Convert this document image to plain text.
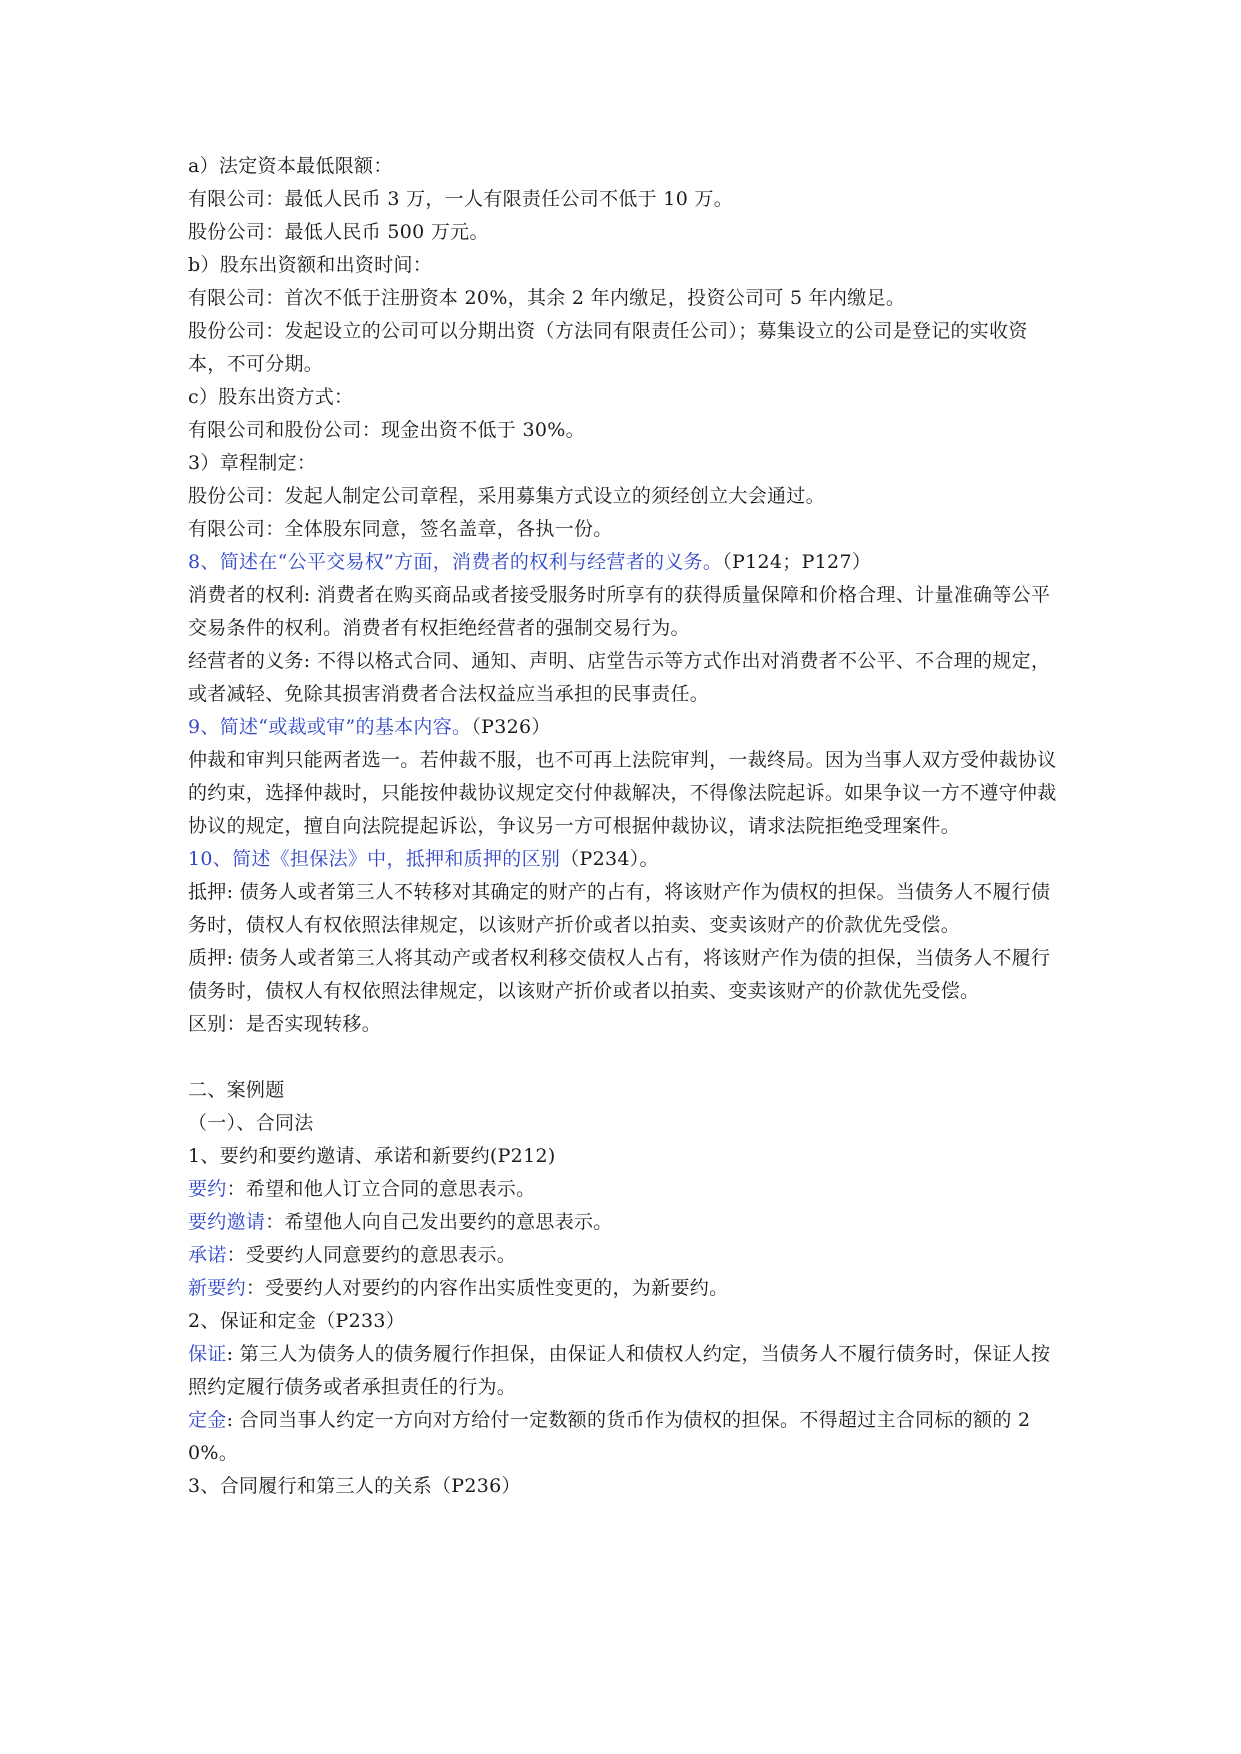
a）法定资本最低限额：

有限公司：最低人民币 3 万，一人有限责任公司不低于 10 万。

股份公司：最低人民币 500 万元。

b）股东出资额和出资时间：

有限公司：首次不低于注册资本 20%，其余 2 年内缴足，投资公司可 5 年内缴足。

股份公司：发起设立的公司可以分期出资（方法同有限责任公司）；募集设立的公司是登记的实收资本，不可分期。

c）股东出资方式：

有限公司和股份公司：现金出资不低于 30%。

3）章程制定：

股份公司：发起人制定公司章程，采用募集方式设立的须经创立大会通过。

有限公司：全体股东同意，签名盖章，各执一份。

8、简述在“公平交易权”方面，消费者的权利与经营者的义务。（P124；P127）

消费者的权利: 消费者在购买商品或者接受服务时所享有的获得质量保障和价格合理、计量准确等公平交易条件的权利。消费者有权拒绝经营者的强制交易行为。

经营者的义务: 不得以格式合同、通知、声明、店堂告示等方式作出对消费者不公平、不合理的规定，或者减轻、免除其损害消费者合法权益应当承担的民事责任。

9、简述“或裁或审”的基本内容。（P326）

仲裁和审判只能两者选一。若仲裁不服，也不可再上法院审判，一裁终局。因为当事人双方受仲裁协议的约束，选择仲裁时，只能按仲裁协议规定交付仲裁解决，不得像法院起诉。如果争议一方不遵守仲裁协议的规定，擅自向法院提起诉讼，争议另一方可根据仲裁协议，请求法院拒绝受理案件。

10、简述《担保法》中，抵押和质押的区别（P234）。

抵押: 债务人或者第三人不转移对其确定的财产的占有，将该财产作为债权的担保。当债务人不履行债务时，债权人有权依照法律规定，以该财产折价或者以拍卖、变卖该财产的价款优先受偿。

质押: 债务人或者第三人将其动产或者权利移交债权人占有，将该财产作为债的担保，当债务人不履行债务时，债权人有权依照法律规定，以该财产折价或者以拍卖、变卖该财产的价款优先受偿。

区别：是否实现转移。

二、案例题

（一）、合同法

1、要约和要约邀请、承诺和新要约(P212)

要约：希望和他人订立合同的意思表示。

要约邀请：希望他人向自己发出要约的意思表示。

承诺：受要约人同意要约的意思表示。

新要约：受要约人对要约的内容作出实质性变更的，为新要约。

2、保证和定金（P233）

保证: 第三人为债务人的债务履行作担保，由保证人和债权人约定，当债务人不履行债务时，保证人按照约定履行债务或者承担责任的行为。

定金: 合同当事人约定一方向对方给付一定数额的货币作为债权的担保。不得超过主合同标的额的 20%。

3、合同履行和第三人的关系（P236）
